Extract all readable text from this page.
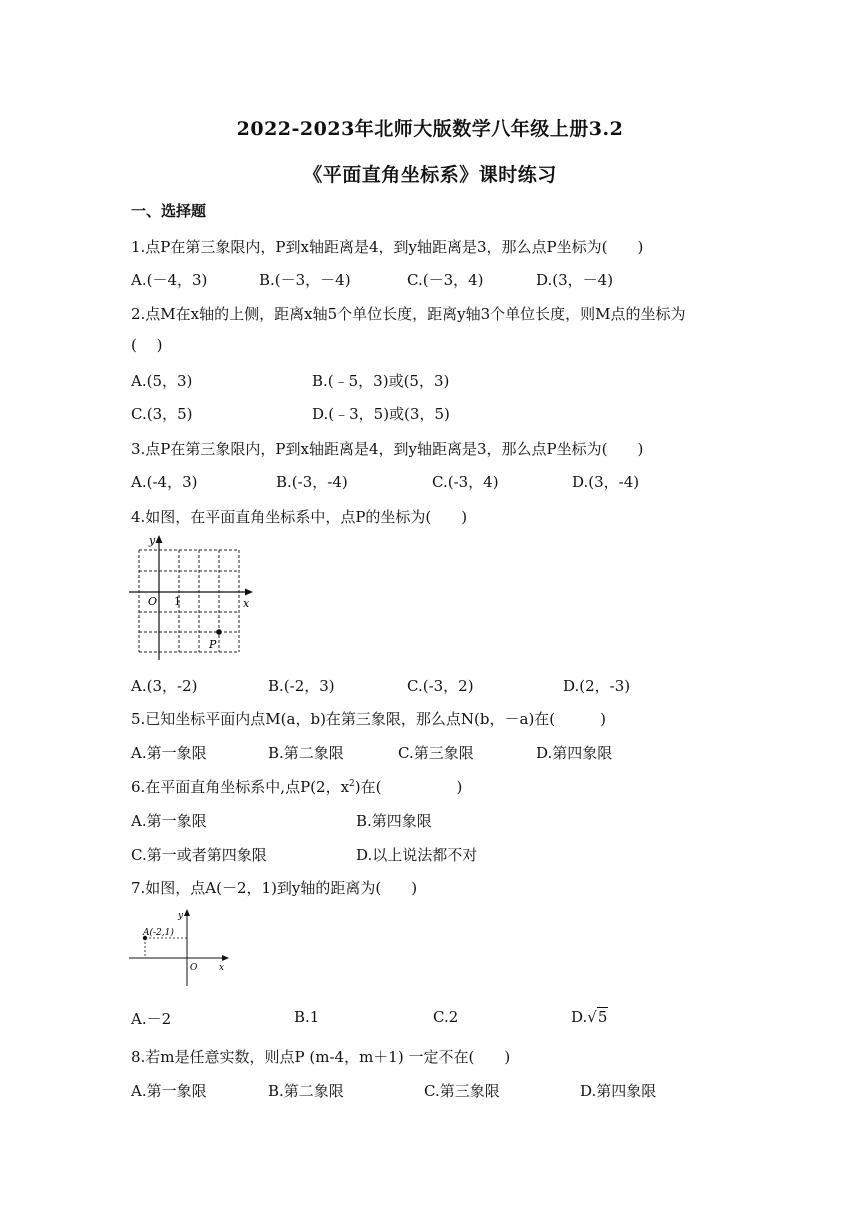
2022-2023年北师大版数学八年级上册3.2
《平面直角坐标系》课时练习
一、选择题
1.点P在第三象限内，P到x轴距离是4，到y轴距离是3，那么点P坐标为(　　)
A.(－4，3)	B.(－3，－4)	C.(－3，4)	D.(3，－4)
2.点M在x轴的上侧，距离x轴5个单位长度，距离y轴3个单位长度，则M点的坐标为
(　 )
A.(5，3)	B.(﹣5，3)或(5，3)
C.(3，5)	D.(﹣3，5)或(3，5)
3.点P在第三象限内，P到x轴距离是4，到y轴距离是3，那么点P坐标为(　　)
A.(-4，3)	B.(-3，-4)	C.(-3，4)	D.(3，-4)
4.如图，在平面直角坐标系中，点P的坐标为(　　)
y
x
O 1
P
A.(3，-2)	B.(-2，3)	C.(-3，2)	D.(2，-3)
5.已知坐标平面内点M(a，b)在第三象限，那么点N(b，－a)在(　　　)
A.第一象限	B.第二象限	C.第三象限	D.第四象限
6.在平面直角坐标系中,点P(2，$x^2$)在(　　　　　)
A.第一象限	B.第四象限
C.第一或者第四象限	D.以上说法都不对
7.如图，点A(－2，1)到y轴的距离为(　　)
A(-2,1)
y
x
O
A.－2	B.1	C.2	D.√5
8.若m是任意实数，则点P (m-4，m＋1) 一定不在(　　)
A.第一象限	B.第二象限	C.第三象限	D.第四象限
